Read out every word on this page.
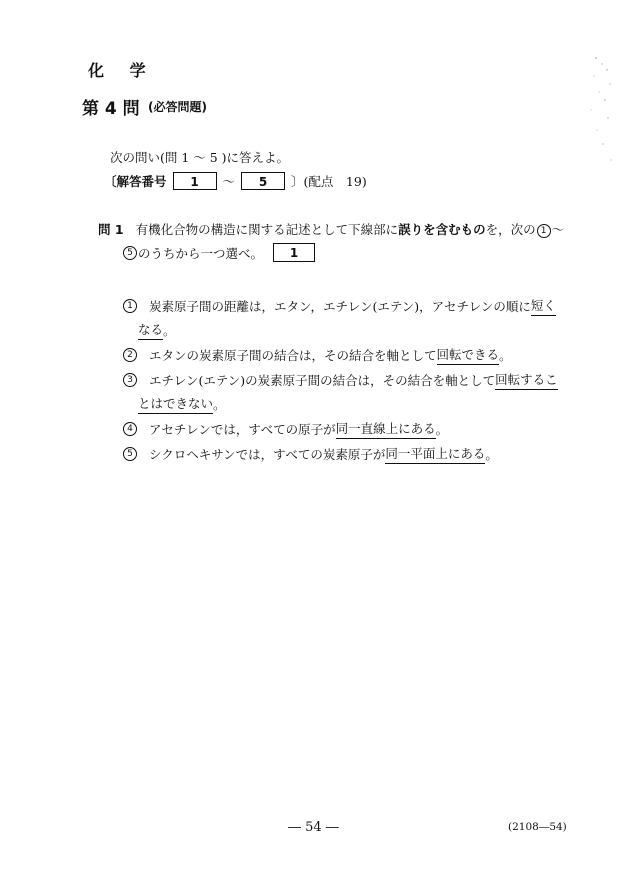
化 学
第 4 問 (必答問題)
次の問い(問 1 ～ 5 )に答えよ。
〔解答番号	1	～	5	〕(配点　19)
問 1 有機化合物の構造に関する記述として下線部に誤りを含むものを，次の 1 ～
5 のうちから一つ選べ。	1
1	炭素原子間の距離は，エタン，エチレン(エテン)，アセチレンの順に 短く
なる 。
2	エタンの炭素原子間の結合は，その結合を軸として 回転できる 。
3	エチレン(エテン)の炭素原子間の結合は，その結合を軸として 回転するこ
とはできない 。
4	アセチレンでは，すべての原子が 同一直線上にある 。
5	シクロヘキサンでは，すべての炭素原子が 同一平面上にある 。
― 54 ―	(2108―54)
